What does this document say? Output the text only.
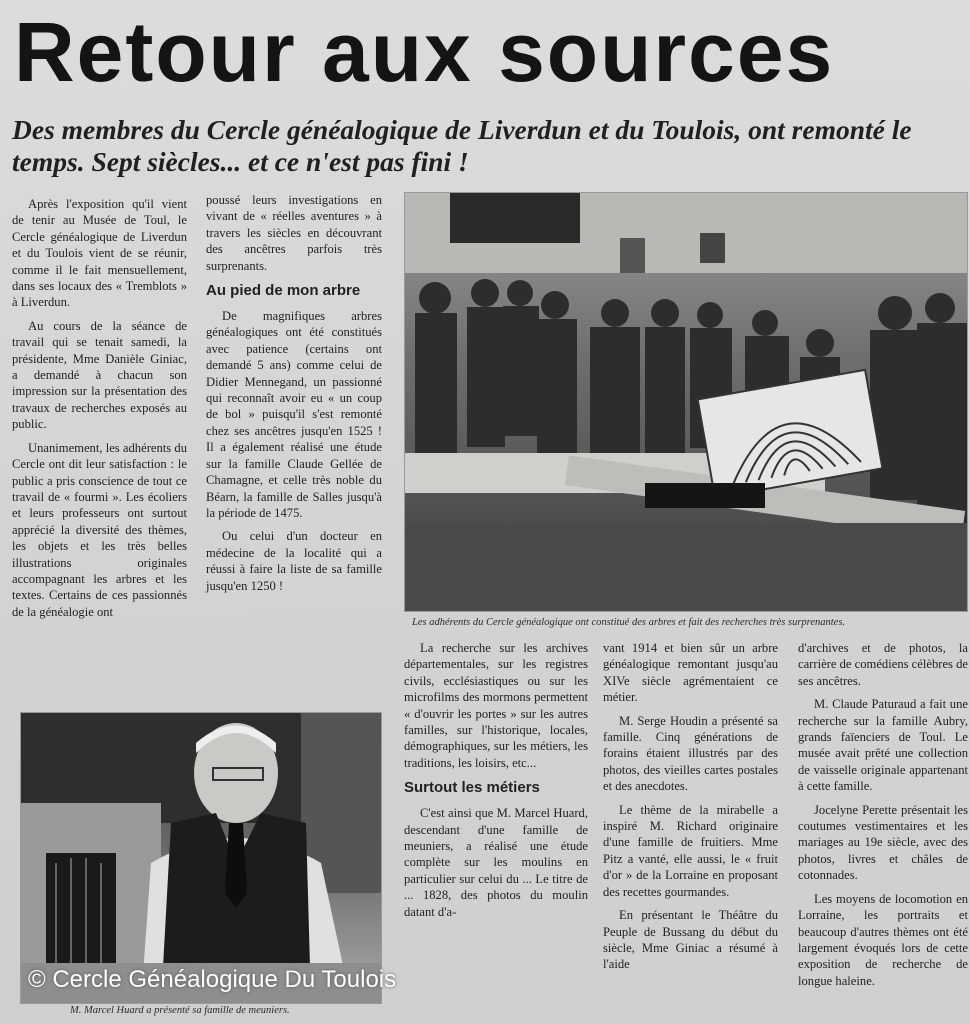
Retour aux sources
Des membres du Cercle généalogique de Liverdun et du Toulois, ont remonté le temps. Sept siècles... et ce n'est pas fini !

Après l'exposition qu'il vient de tenir au Musée de Toul, le Cercle généalogique de Liverdun et du Toulois vient de se réunir, comme il le fait mensuellement, dans ses locaux des « Tremblots » à Liverdun.

Au cours de la séance de travail qui se tenait samedi, la présidente, Mme Danièle Giniac, a demandé à chacun son impression sur la présentation des travaux de recherches exposés au public.

Unanimement, les adhérents du Cercle ont dit leur satisfaction : le public a pris conscience de tout ce travail de « fourmi ». Les écoliers et leurs professeurs ont surtout apprécié la diversité des thèmes, les objets et les très belles illustrations originales accompagnant les arbres et les textes. Certains de ces passionnés de la généalogie ont

poussé leurs investigations en vivant de « réelles aventures » à travers les siècles en découvrant des ancêtres parfois très surprenants.

Au pied de mon arbre

De magnifiques arbres généalogiques ont été constitués avec patience (certains ont demandé 5 ans) comme celui de Didier Mennegand, un passionné qui reconnaît avoir eu « un coup de bol » puisqu'il s'est remonté chez ses ancêtres jusqu'en 1525 ! Il a également réalisé une étude sur la famille Claude Gellée de Chamagne, et celle très noble du Béarn, la famille de Salles jusqu'à la période de 1475.

Ou celui d'un docteur en médecine de la localité qui a réussi à faire la liste de sa famille jusqu'en 1250 !

Les adhérents du Cercle généalogique ont constitué des arbres et fait des recherches très surprenantes.

La recherche sur les archives départementales, sur les registres civils, ecclésiastiques ou sur les microfilms des mormons permettent « d'ouvrir les portes » sur les autres familles, sur l'historique, locales, démographiques, sur les métiers, les traditions, les loisirs, etc...

Surtout les métiers

C'est ainsi que M. Marcel Huard, descendant d'une famille de meuniers, a réalisé une étude complète sur les moulins en particulier sur celui du ... Le titre de ... 1828, des photos du moulin datant d'a-

vant 1914 et bien sûr un arbre généalogique remontant jusqu'au XIVe siècle agrémentaient ce métier.

M. Serge Houdin a présenté sa famille. Cinq générations de forains étaient illustrés par des photos, des vieilles cartes postales et des anecdotes.

Le thème de la mirabelle a inspiré M. Richard originaire d'une famille de fruitiers. Mme Pitz a vanté, elle aussi, le « fruit d'or » de la Lorraine en proposant des recettes gourmandes.

En présentant le Théâtre du Peuple de Bussang du début du siècle, Mme Giniac a résumé à l'aide

d'archives et de photos, la carrière de comédiens célèbres de ses ancêtres.

M. Claude Paturaud a fait une recherche sur la famille Aubry, grands faïenciers de Toul. Le musée avait prêté une collection de vaisselle originale appartenant à cette famille.

Jocelyne Perette présentait les coutumes vestimentaires et les mariages au 19e siècle, avec des photos, livres et châles de cotonnades.

Les moyens de locomotion en Lorraine, les portraits et beaucoup d'autres thèmes ont été largement évoqués lors de cette exposition de recherche de longue haleine.

M. Marcel Huard a présenté sa famille de meuniers.
© Cercle Généalogique Du Toulois
